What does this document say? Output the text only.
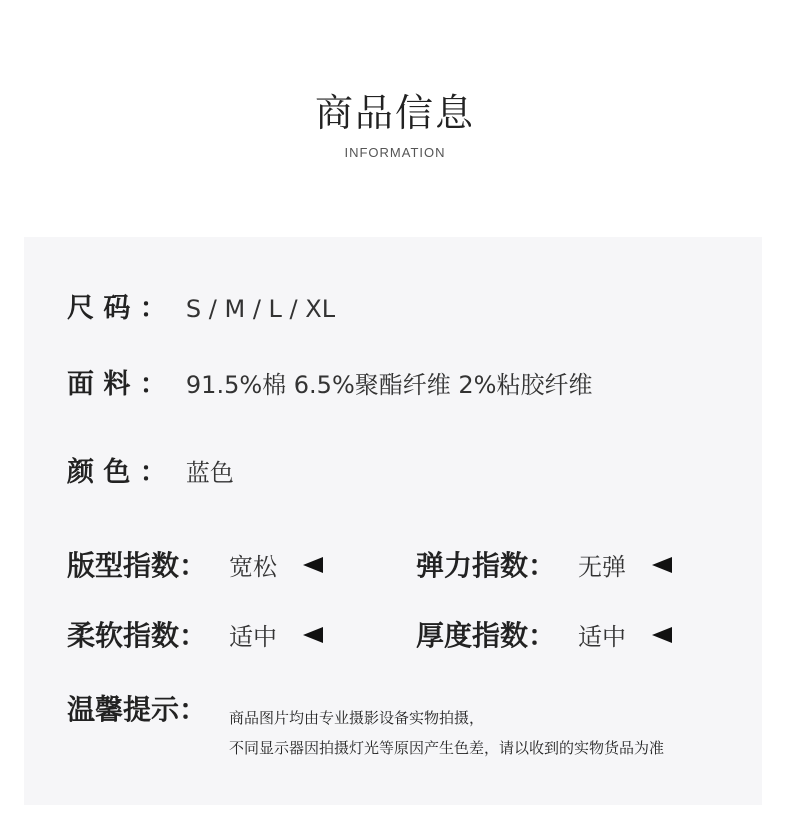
商品信息
INFORMATION
尺 码 ： S / M / L / XL
面 料 ： 91.5%棉 6.5%聚酯纤维 2%粘胶纤维
颜 色 ： 蓝色
版型指数： 宽松	弹力指数： 无弹
柔软指数： 适中	厚度指数： 适中
温馨提示： 商品图片均由专业摄影设备实物拍摄，
不同显示器因拍摄灯光等原因产生色差，请以收到的实物货品为准
